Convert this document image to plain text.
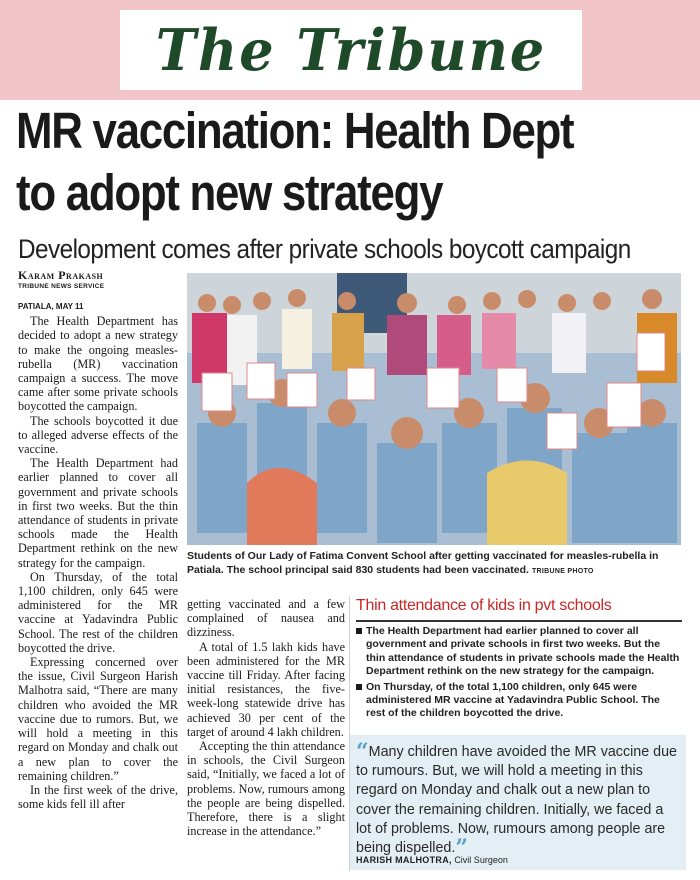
The Tribune
MR vaccination: Health Dept
to adopt new strategy
Development comes after private schools boycott campaign
Karam Prakash
TRIBUNE NEWS SERVICE
PATIALA, MAY 11

The Health Department has decided to adopt a new strategy to make the ongoing measles-rubella (MR) vaccination campaign a success. The move came after some private schools boycotted the campaign.

The schools boycotted it due to alleged adverse effects of the vaccine.

The Health Department had earlier planned to cover all government and private schools in first two weeks. But the thin attendance of students in private schools made the Health Department rethink on the new strategy for the campaign.

On Thursday, of the total 1,100 children, only 645 were administered for the MR vaccine at Yadavindra Public School. The rest of the children boycotted the drive.

Expressing concerned over the issue, Civil Surgeon Harish Malhotra said, “There are many children who avoided the MR vaccine due to rumors. But, we will hold a meeting in this regard on Monday and chalk out a new plan to cover the remaining children.”

In the first week of the drive, some kids fell ill after

Students of Our Lady of Fatima Convent School after getting vaccinated for measles-rubella in Patiala. The school principal said 830 students had been vaccinated. TRIBUNE PHOTO

getting vaccinated and a few complained of nausea and dizziness.

A total of 1.5 lakh kids have been administered for the MR vaccine till Friday. After facing initial resistances, the five-week-long statewide drive has achieved 30 per cent of the target of around 4 lakh children.

Accepting the thin attendance in schools, the Civil Surgeon said, “Initially, we faced a lot of problems. Now, rumours among the people are being dispelled. Therefore, there is a slight increase in the attendance.”

Thin attendance of kids in pvt schools
The Health Department had earlier planned to cover all government and private schools in first two weeks. But the thin attendance of students in private schools made the Health Department rethink on the new strategy for the campaign.
On Thursday, of the total 1,100 children, only 645 were administered MR vaccine at Yadavindra Public School. The rest of the children boycotted the drive.
“Many children have avoided the MR vaccine due to rumours. But, we will hold a meeting in this regard on Monday and chalk out a new plan to cover the remaining children. Initially, we faced a lot of problems. Now, rumours among people are being dispelled.”
HARISH MALHOTRA, Civil Surgeon
